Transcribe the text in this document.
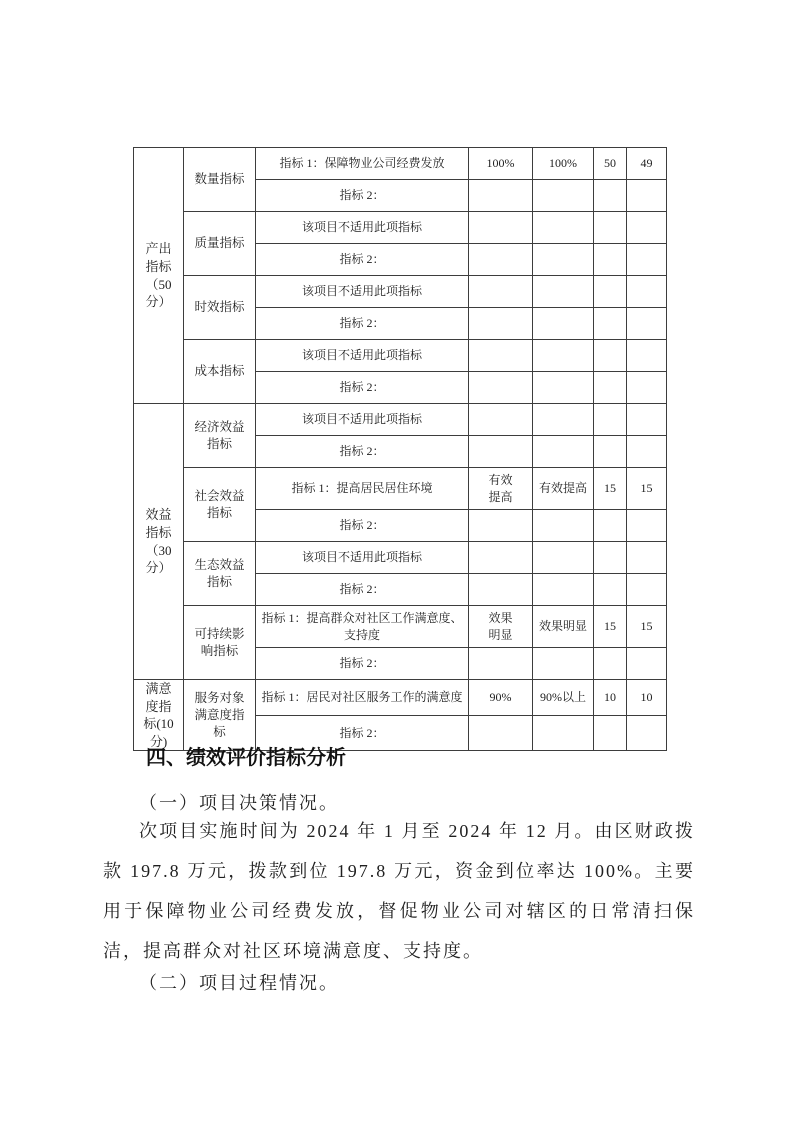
产出指标（50分）	数量指标	指标 1：保障物业公司经费发放	100%	100%	50	49
		指标 2：				
	质量指标	该项目不适用此项指标				
		指标 2：				
	时效指标	该项目不适用此项指标				
		指标 2：				
	成本指标	该项目不适用此项指标				
		指标 2：				
效益指标（30分）	经济效益指标	该项目不适用此项指标				
		指标 2：				
	社会效益指标	指标 1：提高居民居住环境	有效提高	有效提高	15	15
		指标 2：				
	生态效益指标	该项目不适用此项指标				
		指标 2：				
	可持续影响指标	指标 1：提高群众对社区工作满意度、支持度	效果明显	效果明显	15	15
		指标 2：				
满意度指标(10分)	服务对象满意度指标	指标 1：居民对社区服务工作的满意度	90%	90%以上	10	10
		指标 2：				
四、绩效评价指标分析
（一）项目决策情况。
次项目实施时间为 2024 年 1 月至 2024 年 12 月。由区财政拨款 197.8 万元，拨款到位 197.8 万元，资金到位率达 100%。主要用于保障物业公司经费发放，督促物业公司对辖区的日常清扫保洁，提高群众对社区环境满意度、支持度。
（二）项目过程情况。
